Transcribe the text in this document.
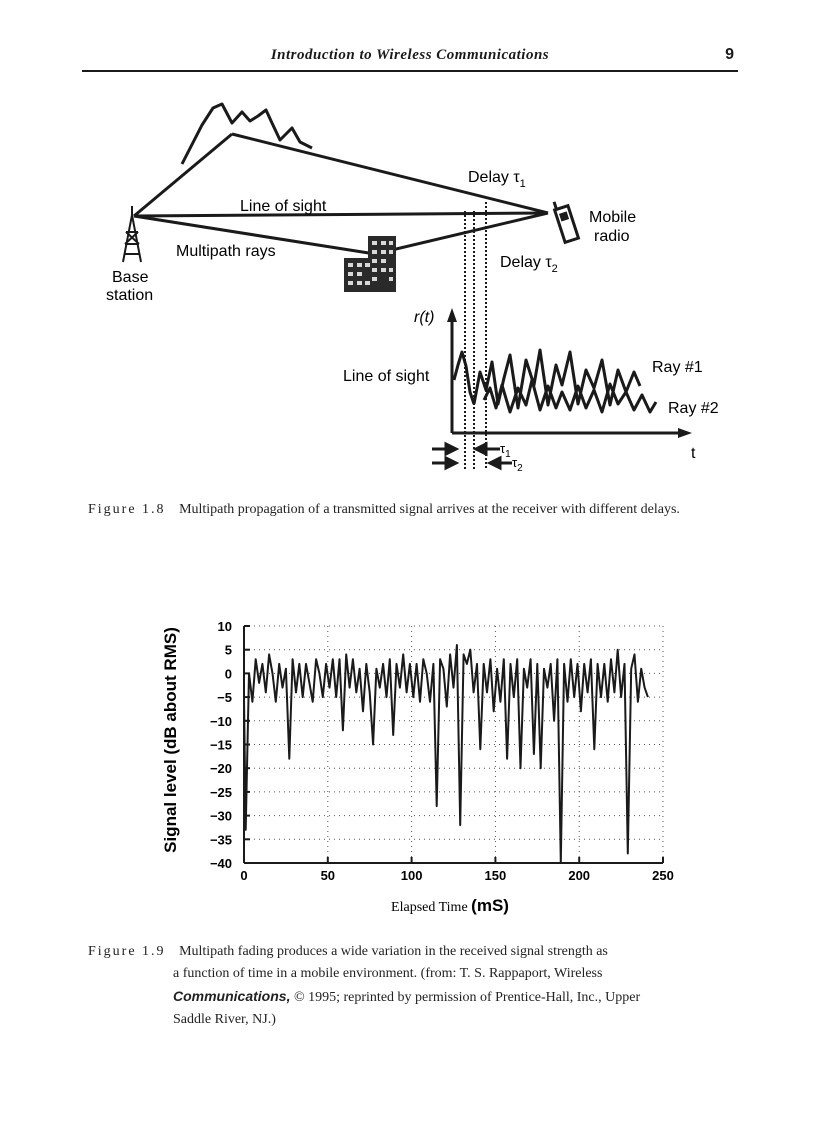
Introduction to Wireless Communications	9
Line of sight
Multipath rays
Base
station
Delay $\tau_1$
Delay $\tau_2$
Mobile
radio
r(t)
Line of sight
Ray #1
Ray #2
t
$\tau_1$
$\tau_2$
Figure 1.8 Multipath propagation of a transmitted signal arrives at the receiver with different delays.
10
5
0
−5
−10
−15
−20
−25
−30
−35
−40
0	50	100	150	200	250
Signal level (dB about RMS)
Elapsed Time (mS)
Figure 1.9 Multipath fading produces a wide variation in the received signal strength as
a function of time in a mobile environment. (from: T. S. Rappaport, Wireless
Communications, © 1995; reprinted by permission of Prentice-Hall, Inc., Upper
Saddle River, NJ.)
